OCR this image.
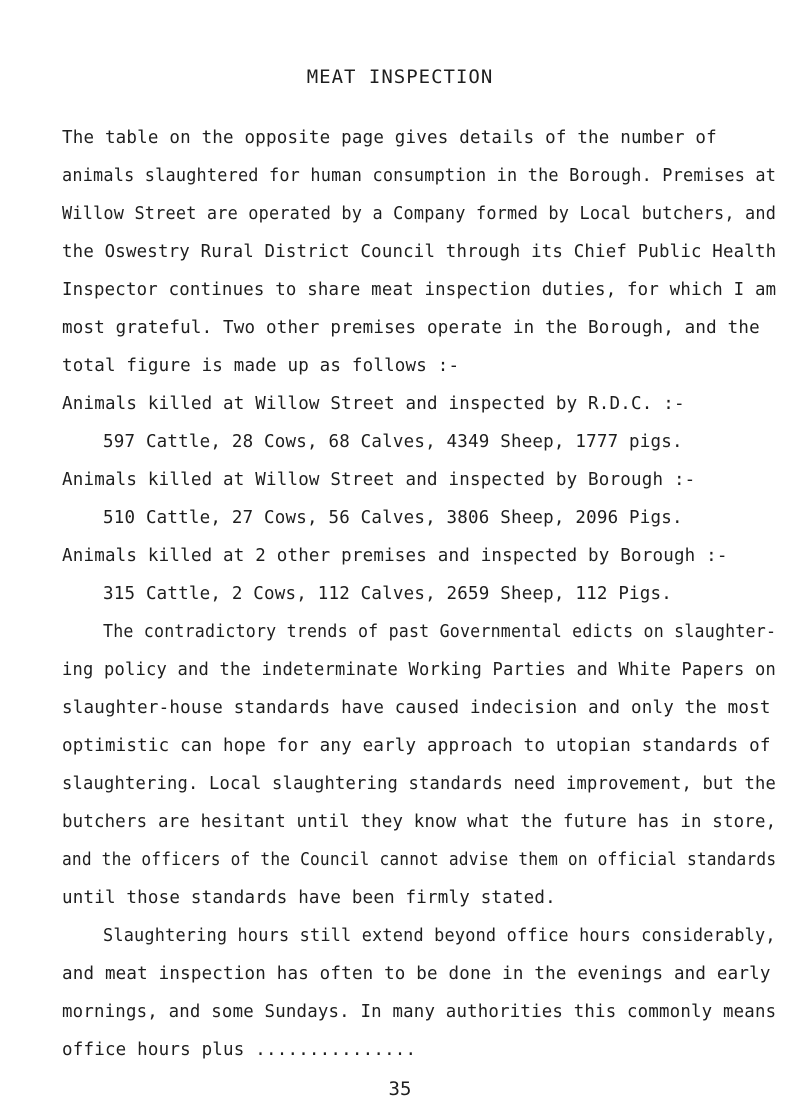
MEAT INSPECTION
The table on the opposite page gives details of the number of
animals slaughtered for human consumption in the Borough. Premises at
Willow Street are operated by a Company formed by Local butchers, and
the Oswestry Rural District Council through its Chief Public Health
Inspector continues to share meat inspection duties, for which I am
most grateful. Two other premises operate in the Borough, and the
total figure is made up as follows :-
Animals killed at Willow Street and inspected by R.D.C. :-
597 Cattle, 28 Cows, 68 Calves, 4349 Sheep, 1777 pigs.
Animals killed at Willow Street and inspected by Borough :-
510 Cattle, 27 Cows, 56 Calves, 3806 Sheep, 2096 Pigs.
Animals killed at 2 other premises and inspected by Borough :-
315 Cattle, 2 Cows, 112 Calves, 2659 Sheep, 112 Pigs.
The contradictory trends of past Governmental edicts on slaughter-
ing policy and the indeterminate Working Parties and White Papers on
slaughter-house standards have caused indecision and only the most
optimistic can hope for any early approach to utopian standards of
slaughtering. Local slaughtering standards need improvement, but the
butchers are hesitant until they know what the future has in store,
and the officers of the Council cannot advise them on official standards
until those standards have been firmly stated.
Slaughtering hours still extend beyond office hours considerably,
and meat inspection has often to be done in the evenings and early
mornings, and some Sundays. In many authorities this commonly means
office hours plus ...............
35
